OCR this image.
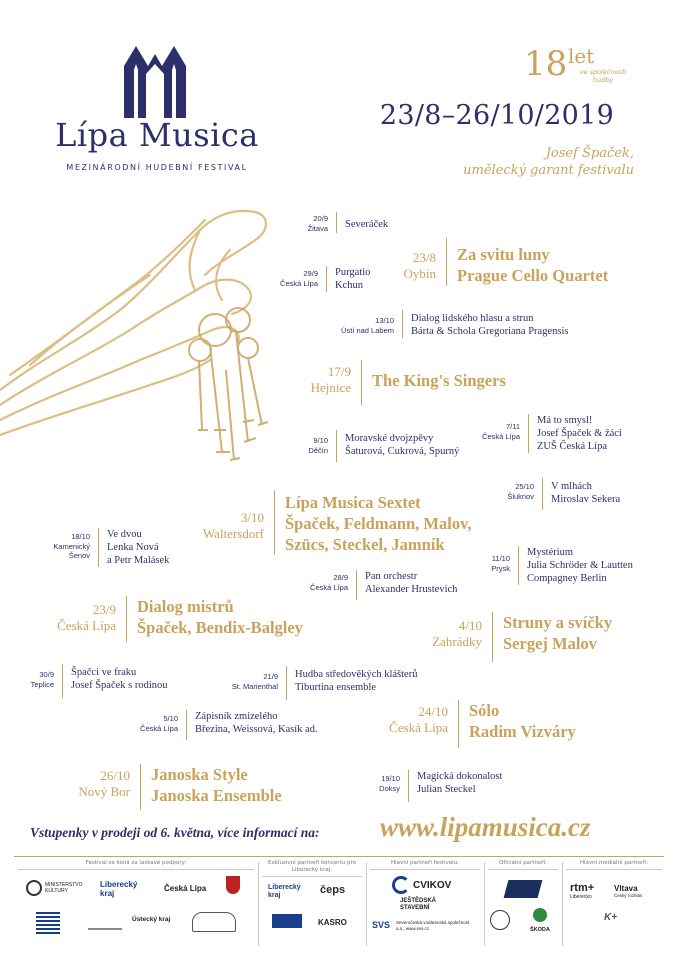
Lípa Musica
MEZINÁRODNÍ HUDEBNÍ FESTIVAL
18 let
ve společnosti
hudby
23/8–26/10/2019
Josef Špaček,
umělecký garant festivalu
20/9
Žitava Severáček
23/8
Oybin
Za svitu luny
Prague Cello Quartet
29/9
Česká Lípa
Purgatio
Kchun
13/10
Ústí nad Labem
Dialog lidského hlasu a strun
Bárta & Schola Gregoriana Pragensis
17/9
Hejnice The King's Singers
7/11
Česká Lípa
Má to smysl!
Josef Špaček & žáci
ZUŠ Česká Lípa
9/10
Děčín
Moravské dvojzpěvy
Šaturová, Cukrová, Spurný
25/10
Šluknov
V mlhách
Miroslav Sekera
3/10
Waltersdorf
Lípa Musica Sextet
Špaček, Feldmann, Malov,
Szücs, Steckel, Jamník
18/10
Kamenický
Šenov
Ve dvou
Lenka Nová
a Petr Malásek	11/10
Prysk
Mystérium
Julia Schröder & Lautten
Compagney Berlin
28/9
Česká Lípa
Pan orchestr
Alexander Hrustevich
23/9
Česká Lípa
Dialog mistrů
Špaček, Bendix-Balgley	4/10
Zahrádky
Struny a svíčky
Sergej Malov
30/9
Teplice
Špačci ve fraku
Josef Špaček s rodinou
21/9
St. Marienthal
Hudba středověkých klášterů
Tiburtina ensemble
5/10
Česká Lípa
Zápisník zmizelého
Březina, Weissová, Kasík ad.
24/10
Česká Lípa
Sólo
Radim Vizváry
26/10
Nový Bor
Janoska Style
Janoska Ensemble
19/10
Doksy
Magická dokonalost
Julian Steckel
Vstupenky v prodeji od 6. května, více informací na: www.lipamusica.cz
Festival se koná za laskavé podpory:	Exkluzivní partneři koncertu pro Liberecký kraj:
Hlavní partneři festivalu:	Oficiální partneři:	Hlavní mediální partneři:
MINISTERSTVO KULTURY
Liberecký kraj
Česká Lípa
Ústecký kraj
Liberecký kraj	čeps
KASRO
CVIKOV
JEŠTĚDSKÁ STAVEBNÍ
SVS Severočeská vodárenská společnost a.s., www.svs.cz	ŠKODA
rtm+
Liberecko
Vltava
Český rozhlas
K+
